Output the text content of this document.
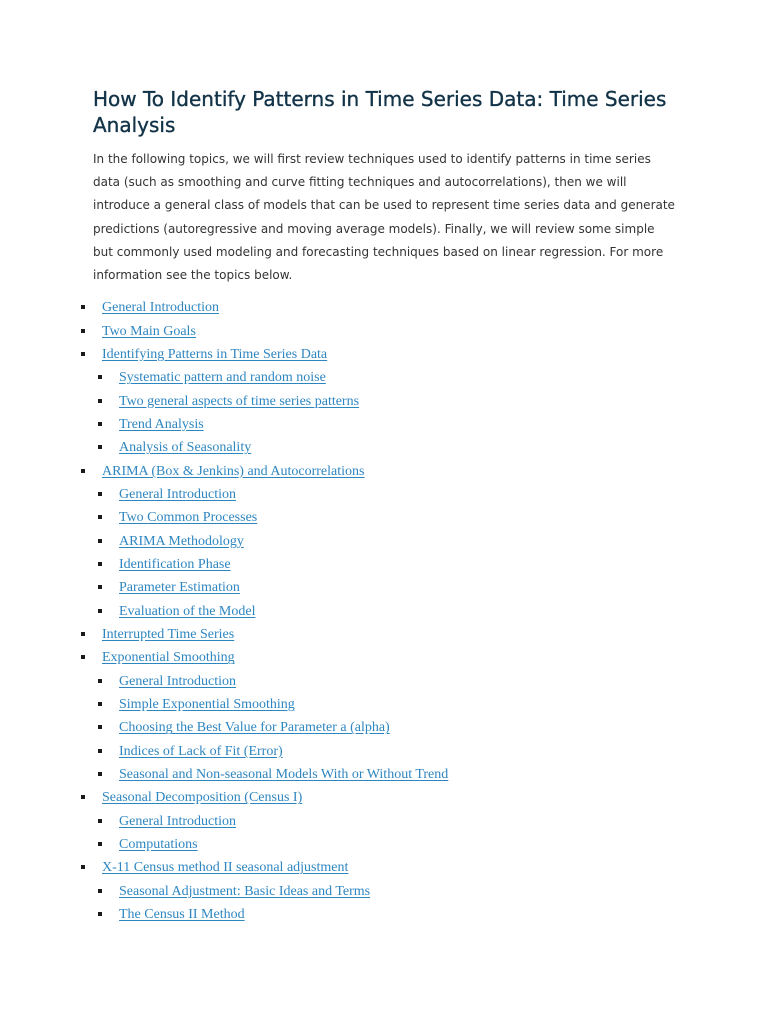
How To Identify Patterns in Time Series Data: Time Series Analysis

In the following topics, we will first review techniques used to identify patterns in time series data (such as smoothing and curve fitting techniques and autocorrelations), then we will introduce a general class of models that can be used to represent time series data and generate predictions (autoregressive and moving average models). Finally, we will review some simple but commonly used modeling and forecasting techniques based on linear regression. For more information see the topics below.

General Introduction
Two Main Goals
Identifying Patterns in Time Series Data
Systematic pattern and random noise
Two general aspects of time series patterns
Trend Analysis
Analysis of Seasonality
ARIMA (Box & Jenkins) and Autocorrelations
General Introduction
Two Common Processes
ARIMA Methodology
Identification Phase
Parameter Estimation
Evaluation of the Model
Interrupted Time Series
Exponential Smoothing
General Introduction
Simple Exponential Smoothing
Choosing the Best Value for Parameter a (alpha)
Indices of Lack of Fit (Error)
Seasonal and Non-seasonal Models With or Without Trend
Seasonal Decomposition (Census I)
General Introduction
Computations
X-11 Census method II seasonal adjustment
Seasonal Adjustment: Basic Ideas and Terms
The Census II Method
